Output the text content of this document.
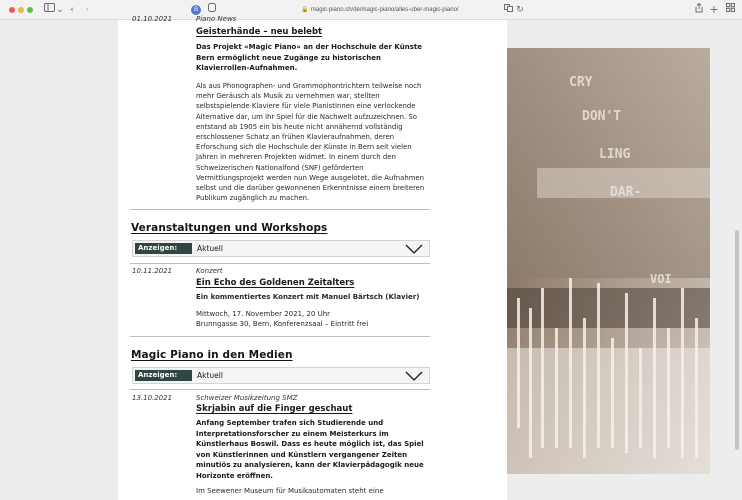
⌄ ‹ ›	B	🔒 magic-piano.ch/de/magic-piano/alles-uber-magic-piano/	↻	+
01.10.2021	Piano News
Geisterhände – neu belebt
Das Projekt «Magic Piano» an der Hochschule der Künste Bern ermöglicht neue Zugänge zu historischen Klavierrollen-Aufnahmen.

Als aus Phonographen- und Grammophontrichtern teilweise noch mehr Geräusch als Musik zu vernehmen war, stellten selbstspielende Klaviere für viele PianistInnen eine verlockende Alternative dar, um ihr Spiel für die Nachwelt aufzuzeichnen. So entstand ab 1905 ein bis heute nicht annähernd vollständig erschlossener Schatz an frühen Klavieraufnahmen, deren Erforschung sich die Hochschule der Künste in Bern seit vielen Jahren in mehreren Projekten widmet. In einem durch den Schweizerischen Nationalfond (SNF) geförderten Vermittlungsprojekt werden nun Wege ausgelotet, die Aufnahmen selbst und die darüber gewonnenen Erkenntnisse einem breiteren Publikum zugänglich zu machen.

Veranstaltungen und Workshops
Anzeigen:	Aktuell
10.11.2021	Konzert
Ein Echo des Goldenen Zeitalters
Ein kommentiertes Konzert mit Manuel Bärtsch (Klavier)
Mittwoch, 17. November 2021, 20 Uhr
Brunngasse 30, Bern, Konferenzsaal – Eintritt frei
Magic Piano in den Medien
Anzeigen:	Aktuell
13.10.2021	Schweizer Musikzeitung SMZ
Skrjabin auf die Finger geschaut
Anfang September trafen sich Studierende und Interpretationsforscher zu einem Meisterkurs im Künstlerhaus Boswil. Dass es heute möglich ist, das Spiel von Künstlerinnen und Künstlern vergangener Zeiten minutiös zu analysieren, kann der Klavierpädagogik neue Horizonte eröffnen.
Im Seewener Museum für Musikautomaten steht eine
CRY
DON'T
LING
DAR-
VOI
